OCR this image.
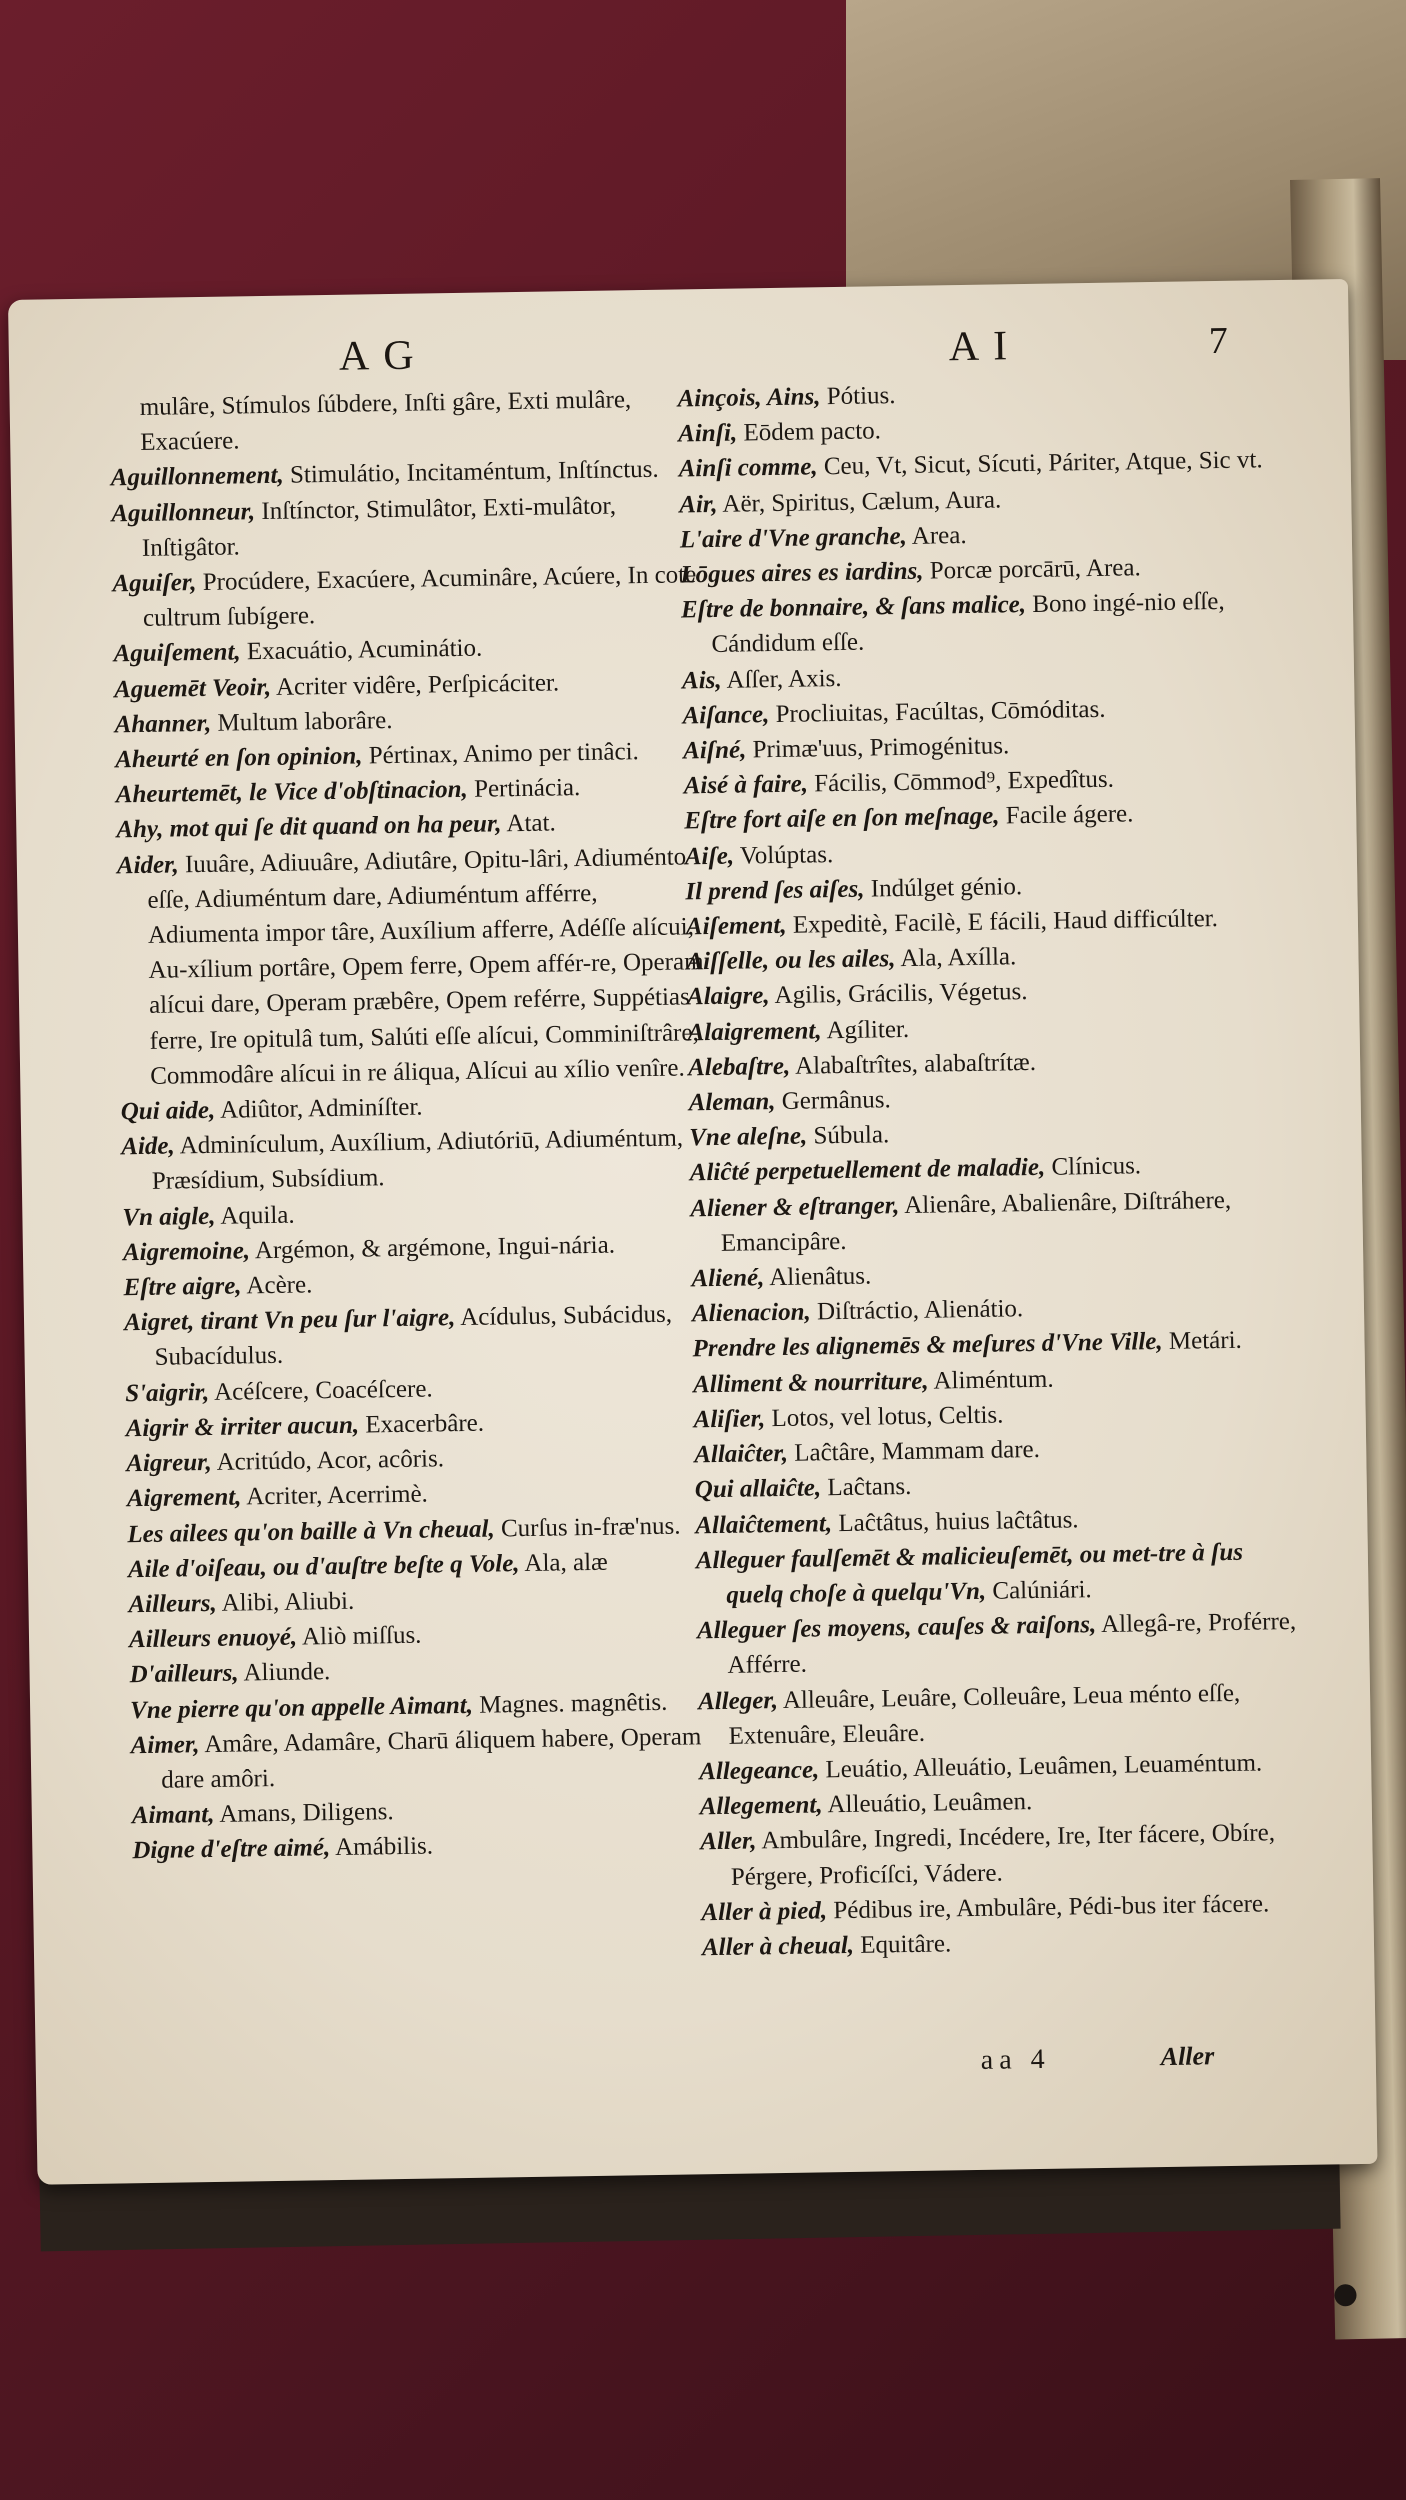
AG	AI	7

mulâre, Stímulos ſúbdere, Inſti gâre, Exti mulâre, Exacúere.

Aguillonnement, Stimulátio, Incitaméntum, Inſtínctus.

Aguillonneur, Inſtínctor, Stimulâtor, Exti-mulâtor, Inſtigâtor.

Aguiſer, Procúdere, Exacúere, Acuminâre, Acúere, In cote cultrum ſubígere.

Aguiſement, Exacuátio, Acuminátio.

Aguemēt Veoir, Acriter vidêre, Perſpicáciter.

Ahanner, Multum laborâre.

Aheurté en ſon opinion, Pértinax, Animo per tinâci.

Aheurtemēt, le Vice d'obſtinacion, Pertinácia.

Ahy, mot qui ſe dit quand on ha peur, Atat.

Aider, Iuuâre, Adiuuâre, Adiutâre, Opitu-lâri, Adiuménto eſſe, Adiuméntum dare, Adiuméntum afférre, Adiumenta impor târe, Auxílium afferre, Adéſſe alícui, Au-xílium portâre, Opem ferre, Opem affér-re, Operam alícui dare, Operam præbêre, Opem reférre, Suppétias ferre, Ire opitulâ tum, Salúti eſſe alícui, Comminiſtrâre, Commodâre alícui in re áliqua, Alícui au xílio venîre.

Qui aide, Adiûtor, Adminíſter.

Aide, Adminículum, Auxílium, Adiutóriū, Adiuméntum, Præsídium, Subsídium.

Vn aigle, Aquila.

Aigremoine, Argémon, & argémone, Ingui-nária.

Eſtre aigre, Acère.

Aigret, tirant Vn peu ſur l'aigre, Acídulus, Subácidus, Subacídulus.

S'aigrir, Acéſcere, Coacéſcere.

Aigrir & irriter aucun, Exacerbâre.

Aigreur, Acritúdo, Acor, acôris.

Aigrement, Acriter, Acerrimè.

Les ailees qu'on baille à Vn cheual, Curſus in-fræ'nus.

Aile d'oiſeau, ou d'auſtre beſte q Vole, Ala, alæ

Ailleurs, Alibi, Aliubi.

Ailleurs enuoyé, Aliò miſſus.

D'ailleurs, Aliunde.

Vne pierre qu'on appelle Aimant, Magnes. magnêtis.

Aimer, Amâre, Adamâre, Charū áliquem habere, Operam dare amôri.

Aimant, Amans, Diligens.

Digne d'eſtre aimé, Amábilis.

Ainçois, Ains, Pótius.

Ainſi, Eōdem pacto.

Ainſi comme, Ceu, Vt, Sicut, Sícuti, Páriter, Atque, Sic vt.

Air, Aër, Spiritus, Cælum, Aura.

L'aire d'Vne granche, Area.

Lōgues aires es iardins, Porcæ porcārū, Area.

Eſtre de bonnaire, & ſans malice, Bono ingé-nio eſſe, Cándidum eſſe.

Ais, Aſſer, Axis.

Aiſance, Procliuitas, Facúltas, Cōmóditas.

Aiſné, Primæ'uus, Primogénitus.

Aisé à faire, Fácilis, Cōmmod⁹, Expedîtus.

Eſtre fort aiſe en ſon meſnage, Facile ágere.

Aiſe, Volúptas.

Il prend ſes aiſes, Indúlget génio.

Aiſement, Expeditè, Facilè, E fácili, Haud difficúlter.

Aiſſelle, ou les ailes, Ala, Axílla.

Alaigre, Agilis, Grácilis, Végetus.

Alaigrement, Agíliter.

Alebaſtre, Alabaſtrîtes, alabaſtrítæ.

Aleman, Germânus.

Vne aleſne, Súbula.

Aliĉté perpetuellement de maladie, Clínicus.

Aliener & eſtranger, Alienâre, Abalienâre, Diſtráhere, Emancipâre.

Aliené, Alienâtus.

Alienacion, Diſtráctio, Alienátio.

Prendre les alignemēs & meſures d'Vne Ville, Metári.

Alliment & nourriture, Aliméntum.

Aliſier, Lotos, vel lotus, Celtis.

Allaiĉter, Laĉtâre, Mammam dare.

Qui allaiĉte, Laĉtans.

Allaiĉtement, Laĉtâtus, huius laĉtâtus.

Alleguer faulſemēt & malicieuſemēt, ou met-tre à ſus quelq choſe à quelqu'Vn, Calúniári.

Alleguer ſes moyens, cauſes & raiſons, Allegâ-re, Proférre, Afférre.

Alleger, Alleuâre, Leuâre, Colleuâre, Leua ménto eſſe, Extenuâre, Eleuâre.

Allegeance, Leuátio, Alleuátio, Leuâmen, Leuaméntum.

Allegement, Alleuátio, Leuâmen.

Aller, Ambulâre, Ingredi, Incédere, Ire, Iter fácere, Obíre, Pérgere, Proficíſci, Vádere.

Aller à pied, Pédibus ire, Ambulâre, Pédi-bus iter fácere.

Aller à cheual, Equitâre.

aa 4	Aller
